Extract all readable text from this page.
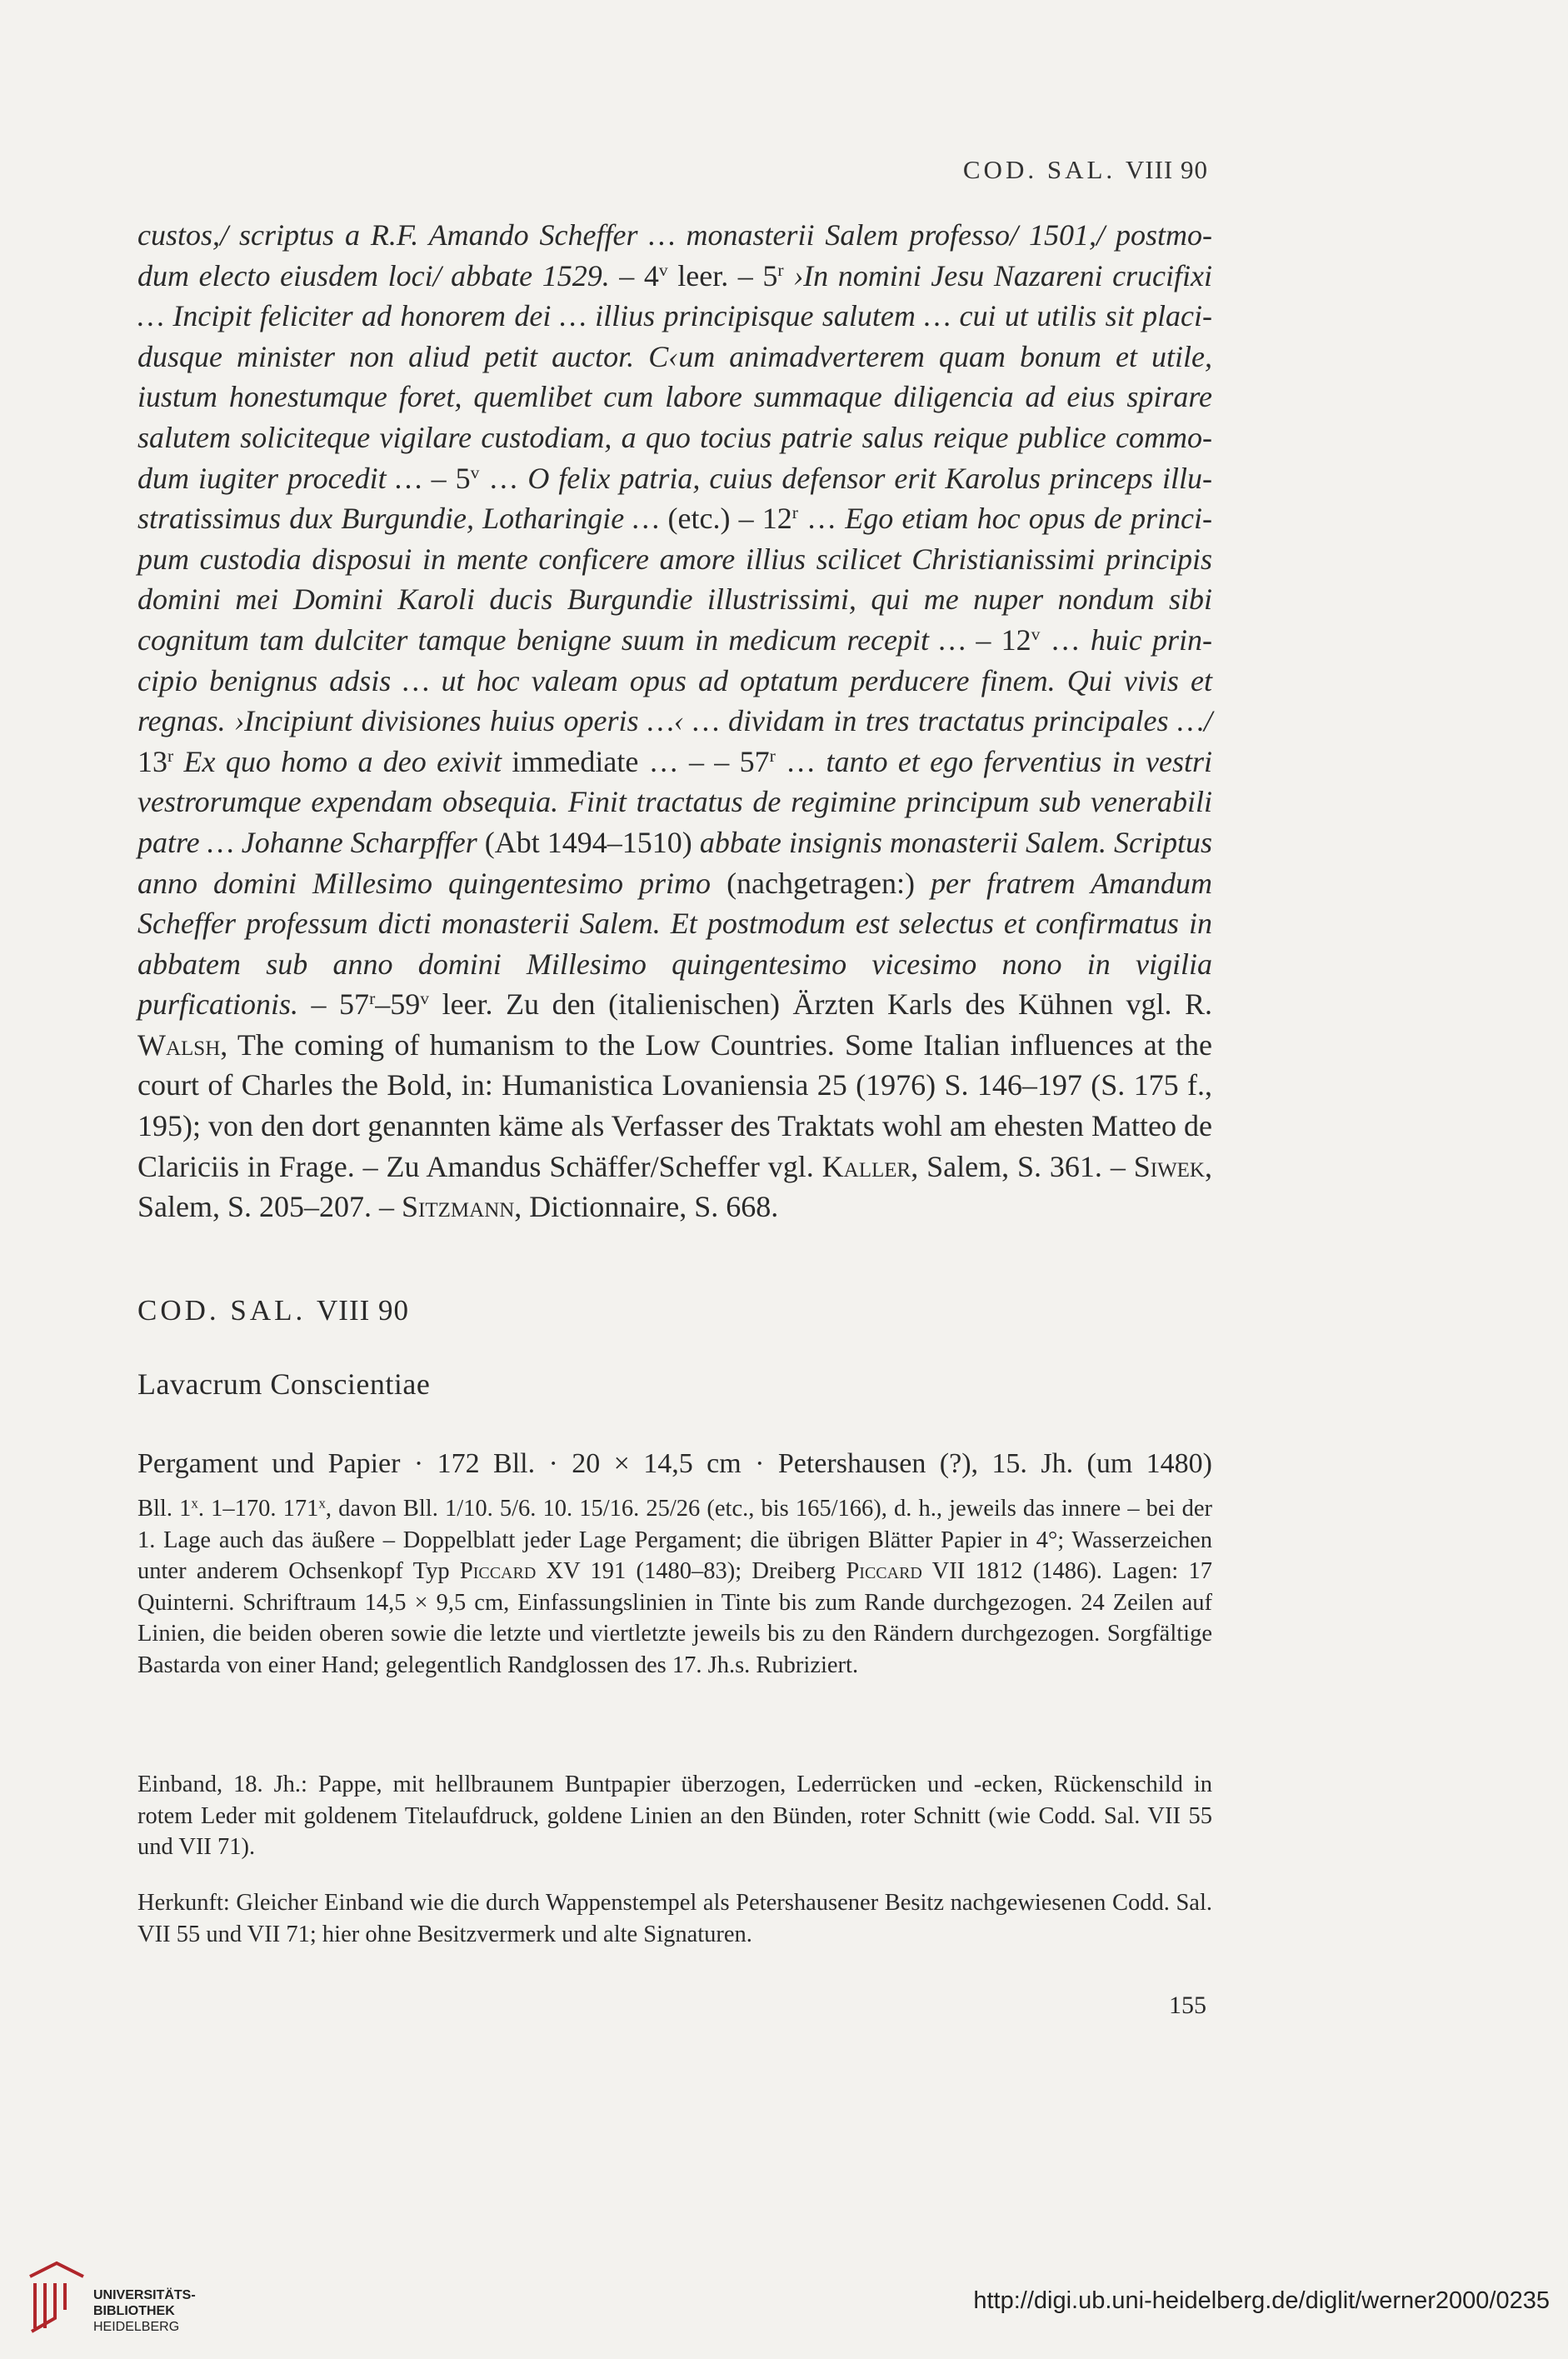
COD. SAL. VIII 90
custos,/ scriptus a R.F. Amando Scheffer … monasterii Salem professo/ 1501,/ postmodum electo eiusdem loci/ abbate 1529. – 4$^v$ leer. – 5$^r$ ›In nomini Jesu Nazareni crucifixi … Incipit feliciter ad honorem dei … illius principisque salutem … cui ut utilis sit placidusque minister non aliud petit auctor. C‹um animadverterem quam bonum et utile, iustum honestumque foret, quemlibet cum labore summaque diligencia ad eius spirare salutem soliciteque vigilare custodiam, a quo tocius patrie salus reique publice commodum iugiter procedit … – 5$^v$ … O felix patria, cuius defensor erit Karolus princeps illustratissimus dux Burgundie, Lotharingie … (etc.) – 12$^r$ … Ego etiam hoc opus de principum custodia disposui in mente conficere amore illius scilicet Christianissimi principis domini mei Domini Karoli ducis Burgundie illustrissimi, qui me nuper nondum sibi cognitum tam dulciter tamque benigne suum in medicum recepit … – 12$^v$ … huic principio benignus adsis … ut hoc valeam opus ad optatum perducere finem. Qui vivis et regnas. ›Incipiunt divisiones huius operis …‹ … dividam in tres tractatus principales …/ 13$^r$ Ex quo homo a deo exivit immediate … – – 57$^r$ … tanto et ego ferventius in vestri vestrorumque expendam obsequia. Finit tractatus de regimine principum sub venerabili patre … Johanne Scharpffer (Abt 1494–1510) abbate insignis monasterii Salem. Scriptus anno domini Millesimo quingentesimo primo (nachgetragen:) per fratrem Amandum Scheffer professum dicti monasterii Salem. Et postmodum est selectus et confirmatus in abbatem sub anno domini Millesimo quingentesimo vicesimo nono in vigilia purficationis. – 57$^r$–59$^v$ leer. Zu den (italienischen) Ärzten Karls des Kühnen vgl. R. Walsh, The coming of humanism to the Low Countries. Some Italian influences at the court of Charles the Bold, in: Humanistica Lovaniensia 25 (1976) S. 146–197 (S. 175 f., 195); von den dort genannten käme als Verfasser des Traktats wohl am ehesten Matteo de Clariciis in Frage. – Zu Amandus Schäffer/Scheffer vgl. Kaller, Salem, S. 361. – Siwek, Salem, S. 205–207. – Sitzmann, Dictionnaire, S. 668.
COD. SAL. VIII 90
Lavacrum Conscientiae
Pergament und Papier · 172 Bll. · 20 × 14,5 cm · Petershausen (?), 15. Jh. (um 1480)
Bll. 1$^x$. 1–170. 171$^x$, davon Bll. 1/10. 5/6. 10. 15/16. 25/26 (etc., bis 165/166), d. h., jeweils das innere – bei der 1. Lage auch das äußere – Doppelblatt jeder Lage Pergament; die übrigen Blätter Papier in 4°; Wasserzeichen unter anderem Ochsenkopf Typ Piccard XV 191 (1480–83); Dreiberg Piccard VII 1812 (1486). Lagen: 17 Quinterni. Schriftraum 14,5 × 9,5 cm, Einfassungslinien in Tinte bis zum Rande durchgezogen. 24 Zeilen auf Linien, die beiden oberen sowie die letzte und viertletzte jeweils bis zu den Rändern durchgezogen. Sorgfältige Bastarda von einer Hand; gelegentlich Randglossen des 17. Jh.s. Rubriziert.
Einband, 18. Jh.: Pappe, mit hellbraunem Buntpapier überzogen, Lederrücken und -ecken, Rückenschild in rotem Leder mit goldenem Titelaufdruck, goldene Linien an den Bünden, roter Schnitt (wie Codd. Sal. VII 55 und VII 71).
Herkunft: Gleicher Einband wie die durch Wappenstempel als Petershausener Besitz nachgewiesenen Codd. Sal. VII 55 und VII 71; hier ohne Besitzvermerk und alte Signaturen.
155
UNIVERSITÄTS-
BIBLIOTHEK
HEIDELBERG
http://digi.ub.uni-heidelberg.de/diglit/werner2000/0235
